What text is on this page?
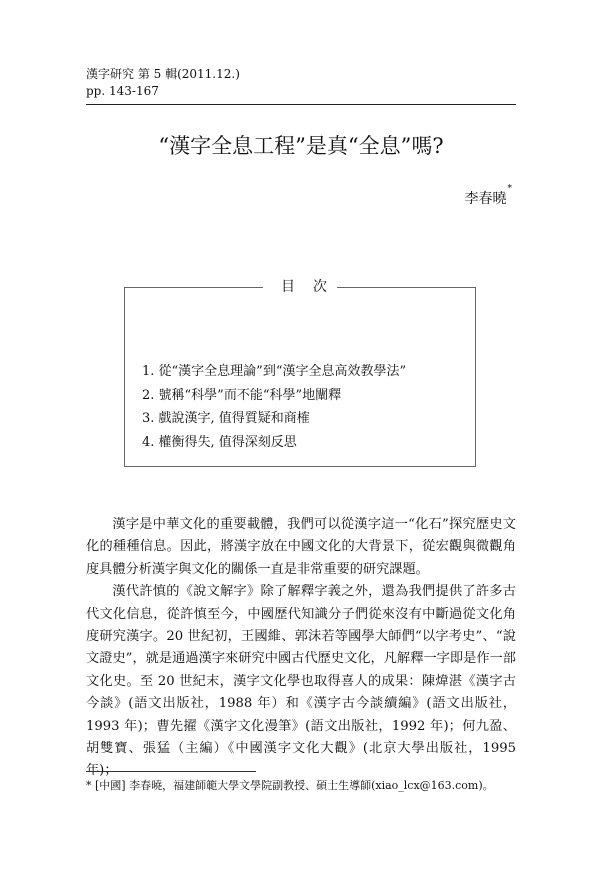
漢字研究 第 5 輯(2011.12.)
pp. 143-167
“漢字全息工程”是真“全息”嗎?
李春曉*
目次
1. 從“漢字全息理論”到“漢字全息高效教學法”
2. 號稱“科學”而不能“科學”地闡釋
3. 戲說漢字, 值得質疑和商榷
4. 權衡得失, 值得深刻反思

漢字是中華文化的重要載體，我們可以從漢字這一“化石”探究歷史文化的種種信息。因此，將漢字放在中國文化的大背景下，從宏觀與微觀角度具體分析漢字與文化的關係一直是非常重要的研究課題。

漢代許慎的《說文解字》除了解釋字義之外，還為我們提供了許多古代文化信息，從許慎至今，中國歷代知識分子們從來沒有中斷過從文化角度研究漢字。20 世紀初，王國維、郭沫若等國學大師們“以字考史”、“說文證史”，就是通過漢字來研究中國古代歷史文化，凡解釋一字即是作一部文化史。至 20 世紀末，漢字文化學也取得喜人的成果：陳煒湛《漢字古今談》(語文出版社，1988 年）和《漢字古今談續編》(語文出版社，1993 年)；曹先擢《漢字文化漫筆》(語文出版社，1992 年)；何九盈、胡雙寶、張猛（主編）《中國漢字文化大觀》(北京大學出版社，1995 年)；

* [中國] 李春曉，福建師範大學文學院副教授、碩士生導師(xiao_lcx@163.com)。
